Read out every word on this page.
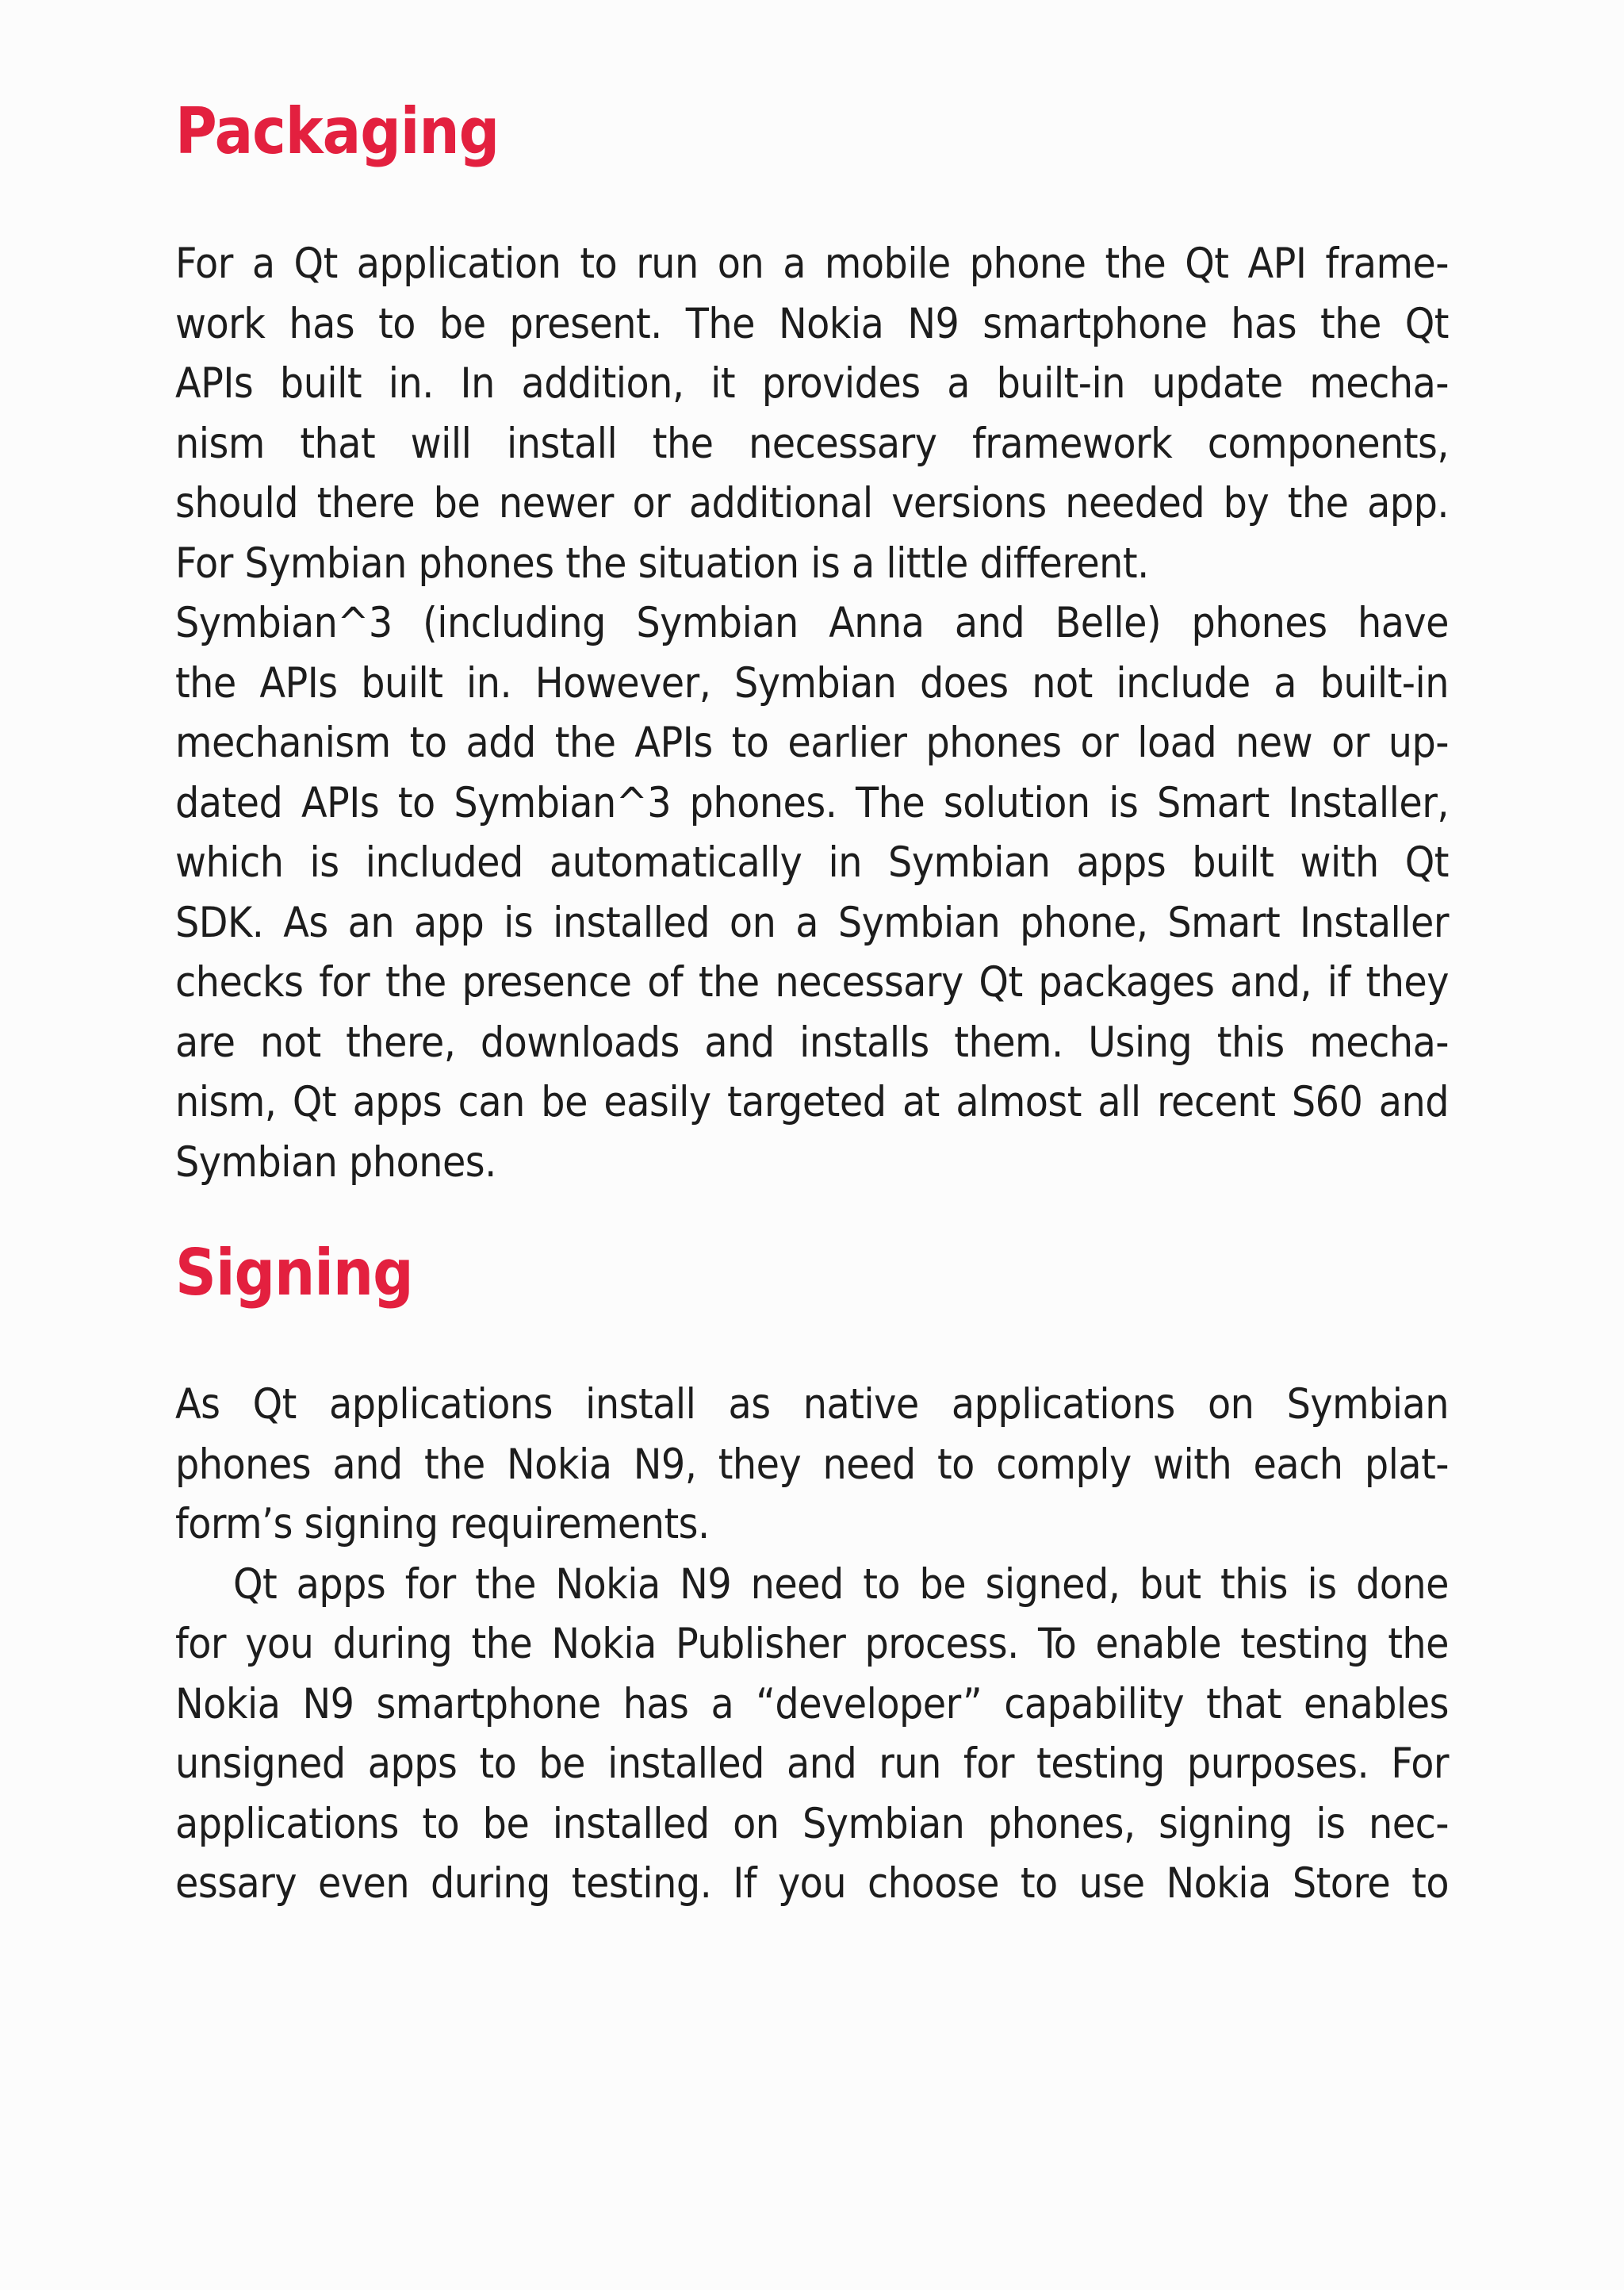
Packaging
For a Qt application to run on a mobile phone the Qt API frame-
work has to be present. The Nokia N9 smartphone has the Qt
APIs built in. In addition, it provides a built-in update mecha-
nism that will install the necessary framework components,
should there be newer or additional versions needed by the app.
For Symbian phones the situation is a little different.
Symbian^3 (including Symbian Anna and Belle) phones have
the APIs built in. However, Symbian does not include a built-in
mechanism to add the APIs to earlier phones or load new or up-
dated APIs to Symbian^3 phones. The solution is Smart Installer,
which is included automatically in Symbian apps built with Qt
SDK. As an app is installed on a Symbian phone, Smart Installer
checks for the presence of the necessary Qt packages and, if they
are not there, downloads and installs them. Using this mecha-
nism, Qt apps can be easily targeted at almost all recent S60 and
Symbian phones.
Signing
As Qt applications install as native applications on Symbian
phones and the Nokia N9, they need to comply with each plat-
form’s signing requirements.
Qt apps for the Nokia N9 need to be signed, but this is done
for you during the Nokia Publisher process. To enable testing the
Nokia N9 smartphone has a “developer” capability that enables
unsigned apps to be installed and run for testing purposes. For
applications to be installed on Symbian phones, signing is nec-
essary even during testing. If you choose to use Nokia Store to
